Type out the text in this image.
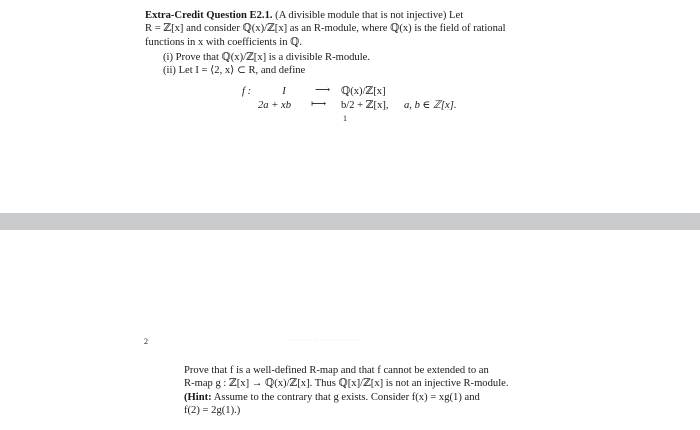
Extra-Credit Question E2.1. (A divisible module that is not injective) Let
R = ℤ[x] and consider ℚ(x)/ℤ[x] as an R-module, where ℚ(x) is the field of rational
functions in x with coefficients in ℚ.
(i) Prove that ℚ(x)/ℤ[x] is a divisible R-module.
(ii) Let I = ⟨2, x⟩ ⊂ R, and define
f :	I	⟶ ℚ(x)/ℤ[x]
2a + xb ⟼ b/2 + ℤ[x], a, b ∈ ℤ[x].
1
2	···· ···· ·· ······ ·········
Prove that f is a well-defined R-map and that f cannot be extended to an
R-map g : ℤ[x] → ℚ(x)/ℤ[x]. Thus ℚ[x]/ℤ[x] is not an injective R-module.
(Hint: Assume to the contrary that g exists. Consider f(x) = xg(1) and
f(2) = 2g(1).)
